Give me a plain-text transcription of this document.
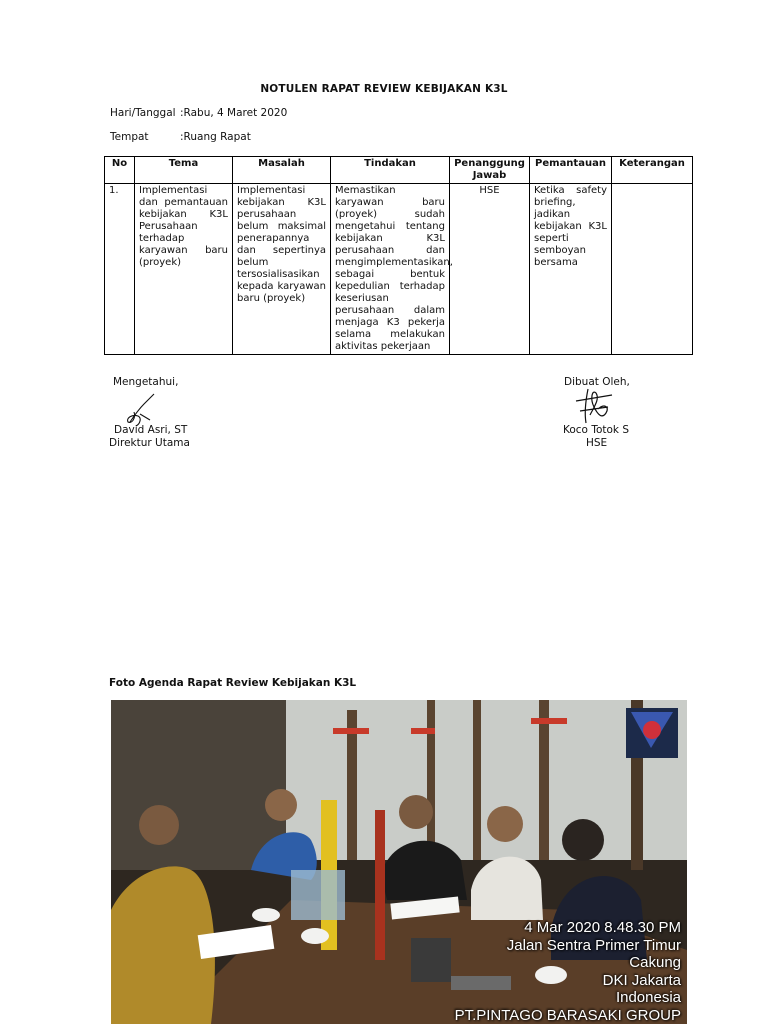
NOTULEN RAPAT REVIEW KEBIJAKAN K3L
Hari/Tanggal :Rabu, 4 Maret 2020
Tempat	:Ruang Rapat
No	Tema	Masalah	Tindakan	Penanggung Jawab	Pemantauan	Keterangan
1.	Implementasi dan pemantauan kebijakan K3L Perusahaan terhadap karyawan baru (proyek)	Implementasi kebijakan K3L perusahaan belum maksimal penerapannya dan sepertinya belum tersosialisasikan kepada karyawan baru (proyek)	Memastikan karyawan baru (proyek) sudah mengetahui tentang kebijakan K3L perusahaan dan mengimplementasikan, sebagai bentuk kepedulian terhadap keseriusan perusahaan dalam menjaga K3 pekerja selama melakukan aktivitas pekerjaan	HSE	Ketika safety briefing, jadikan kebijakan K3L seperti semboyan bersama	
Mengetahui,
David Asri, ST
Direktur Utama
Dibuat Oleh,
Koco Totok S
HSE
Foto Agenda Rapat Review Kebijakan K3L
4 Mar 2020 8.48.30 PM
Jalan Sentra Primer Timur
Cakung
DKI Jakarta
Indonesia
PT.PINTAGO BARASAKI GROUP
